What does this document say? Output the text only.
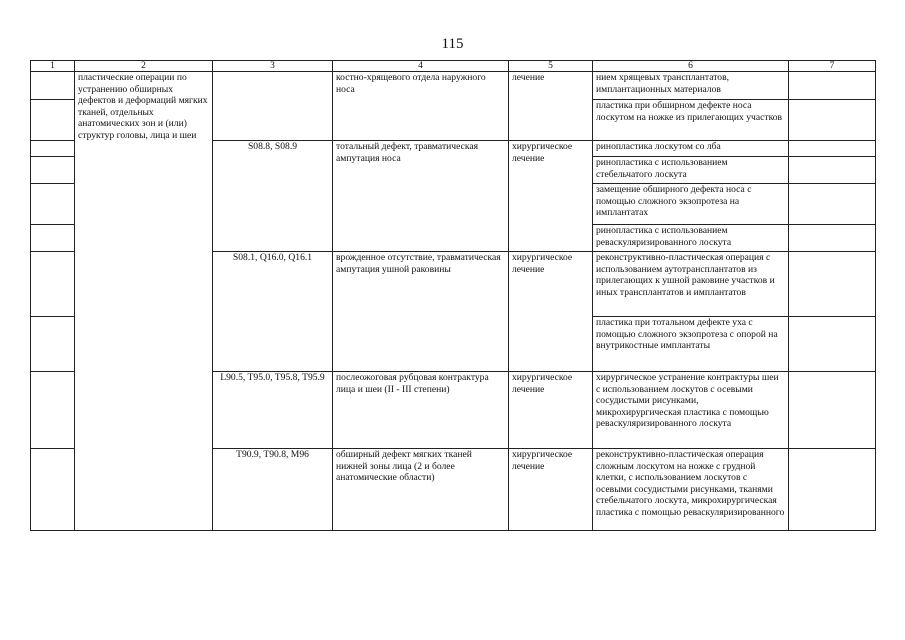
115
1	2	3	4	5	6	7
	пластические операции по устранению обширных дефектов и деформаций мягких тканей, отдельных анатомических зон и (или) структур головы, лица и шеи		костно-хрящевого отдела наружного носа	лечение	нием хрящевых трансплантатов, имплантационных материалов	
					пластика при обширном дефекте носа лоскутом на ножке из прилегающих участков	
		S08.8, S08.9	тотальный дефект, травматическая ампутация носа	хирургическое лечение	ринопластика лоскутом со лба	
					ринопластика с использованием стебельчатого лоскута	
					замещение обширного дефекта носа с помощью сложного экзопротеза на имплантатах	
					ринопластика с использованием реваскуляризированного лоскута	
		S08.1, Q16.0, Q16.1	врожденное отсутствие, травматическая ампутация ушной раковины	хирургическое лечение	реконструктивно-пластическая операция с использованием аутотрансплантатов из прилегающих к ушной раковине участков и иных трансплантатов и имплантатов	
					пластика при тотальном дефекте уха с помощью сложного экзопротеза с опорой на внутрикостные имплантаты	
		L90.5, T95.0, T95.8, T95.9	послеожоговая рубцовая контрактура лица и шеи (II - III степени)	хирургическое лечение	хирургическое устранение контрактуры шеи с использованием лоскутов с осевыми сосудистыми рисунками, микрохирургическая пластика с помощью реваскуляризированного лоскута	
		T90.9, T90.8, M96	обширный дефект мягких тканей нижней зоны лица (2 и более анатомические области)	хирургическое лечение	реконструктивно-пластическая операция сложным лоскутом на ножке с грудной клетки, с использованием лоскутов с осевыми сосудистыми рисунками, тканями стебельчатого лоскута, микрохирургическая пластика с помощью реваскуляризированного	
